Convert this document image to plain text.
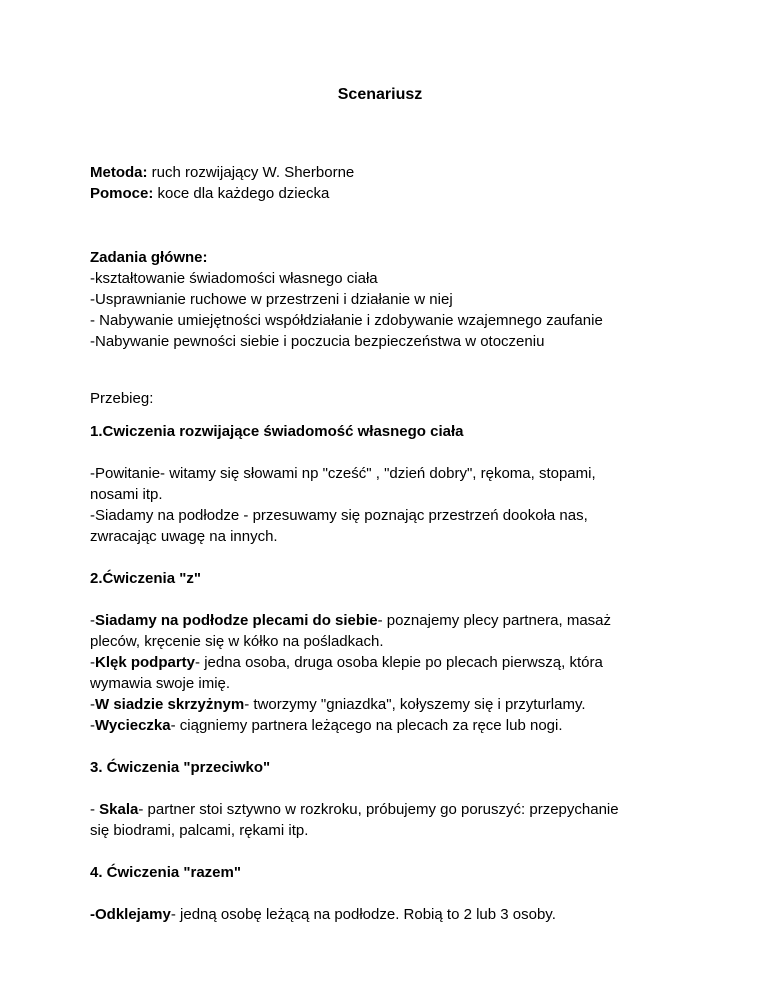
Scenariusz

Metoda: ruch rozwijający W. Sherborne

Pomoce: koce dla każdego dziecka

Zadania główne:

-kształtowanie świadomości własnego ciała

-Usprawnianie ruchowe w przestrzeni i działanie w niej

- Nabywanie umiejętności współdziałanie i zdobywanie wzajemnego zaufanie

-Nabywanie pewności siebie i poczucia bezpieczeństwa w otoczeniu

Przebieg:

1.Cwiczenia rozwijające świadomość własnego ciała

-Powitanie- witamy się słowami np "cześć" , "dzień dobry", rękoma, stopami,

nosami itp.

-Siadamy na podłodze - przesuwamy się poznając przestrzeń dookoła nas,

zwracając uwagę na innych.

2.Ćwiczenia "z"

-Siadamy na podłodze plecami do siebie- poznajemy plecy partnera, masaż

pleców, kręcenie się w kółko na pośladkach.

-Klęk podparty- jedna osoba, druga osoba klepie po plecach pierwszą, która

wymawia swoje imię.

-W siadzie skrzyżnym- tworzymy "gniazdka", kołyszemy się i przyturlamy.

-Wycieczka- ciągniemy partnera leżącego na plecach za ręce lub nogi.

3. Ćwiczenia "przeciwko"

- Skala- partner stoi sztywno w rozkroku, próbujemy go poruszyć: przepychanie

się biodrami, palcami, rękami itp.

4. Ćwiczenia "razem"

-Odklejamy- jedną osobę leżącą na podłodze. Robią to 2 lub 3 osoby.
